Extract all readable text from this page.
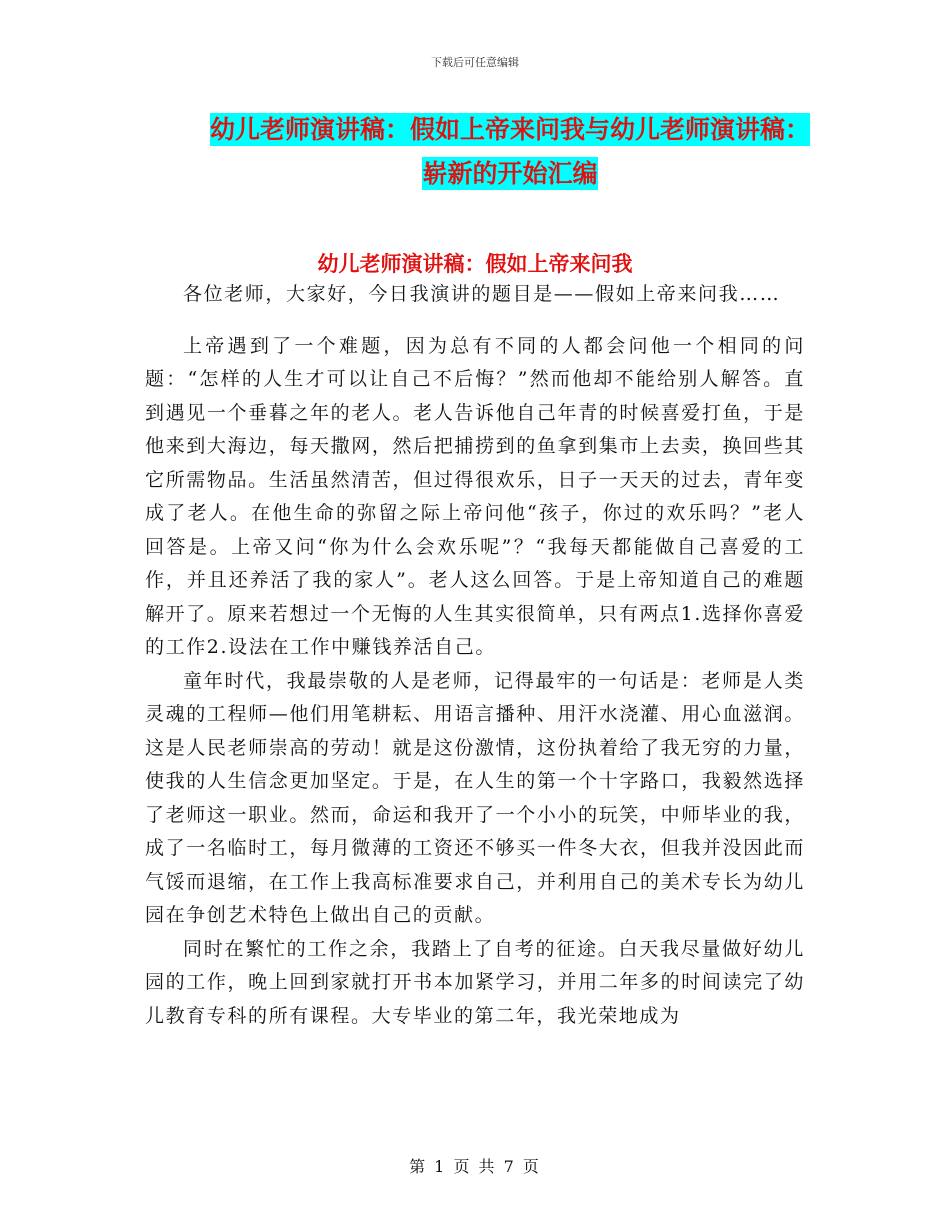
下载后可任意编辑

幼儿老师演讲稿：假如上帝来问我与幼儿老师演讲稿：

崭新的开始汇编

幼儿老师演讲稿：假如上帝来问我

各位老师，大家好，今日我演讲的题目是——假如上帝来问我……

上帝遇到了一个难题，因为总有不同的人都会问他一个相同的问题：“怎样的人生才可以让自己不后悔？”然而他却不能给别人解答。直到遇见一个垂暮之年的老人。老人告诉他自己年青的时候喜爱打鱼，于是他来到大海边，每天撒网，然后把捕捞到的鱼拿到集市上去卖，换回些其它所需物品。生活虽然清苦，但过得很欢乐，日子一天天的过去，青年变成了老人。在他生命的弥留之际上帝问他“孩子，你过的欢乐吗？”老人回答是。上帝又问“你为什么会欢乐呢”？“我每天都能做自己喜爱的工作，并且还养活了我的家人”。老人这么回答。于是上帝知道自己的难题解开了。原来若想过一个无悔的人生其实很简单，只有两点1.选择你喜爱的工作2.设法在工作中赚钱养活自己。

童年时代，我最崇敬的人是老师，记得最牢的一句话是：老师是人类灵魂的工程师—他们用笔耕耘、用语言播种、用汗水浇灌、用心血滋润。这是人民老师崇高的劳动！就是这份激情，这份执着给了我无穷的力量，使我的人生信念更加坚定。于是，在人生的第一个十字路口，我毅然选择了老师这一职业。然而，命运和我开了一个小小的玩笑，中师毕业的我，成了一名临时工，每月微薄的工资还不够买一件冬大衣，但我并没因此而气馁而退缩，在工作上我高标准要求自己，并利用自己的美术专长为幼儿园在争创艺术特色上做出自己的贡献。

同时在繁忙的工作之余，我踏上了自考的征途。白天我尽量做好幼儿园的工作，晚上回到家就打开书本加紧学习，并用二年多的时间读完了幼儿教育专科的所有课程。大专毕业的第二年，我光荣地成为

第 1 页 共 7 页
